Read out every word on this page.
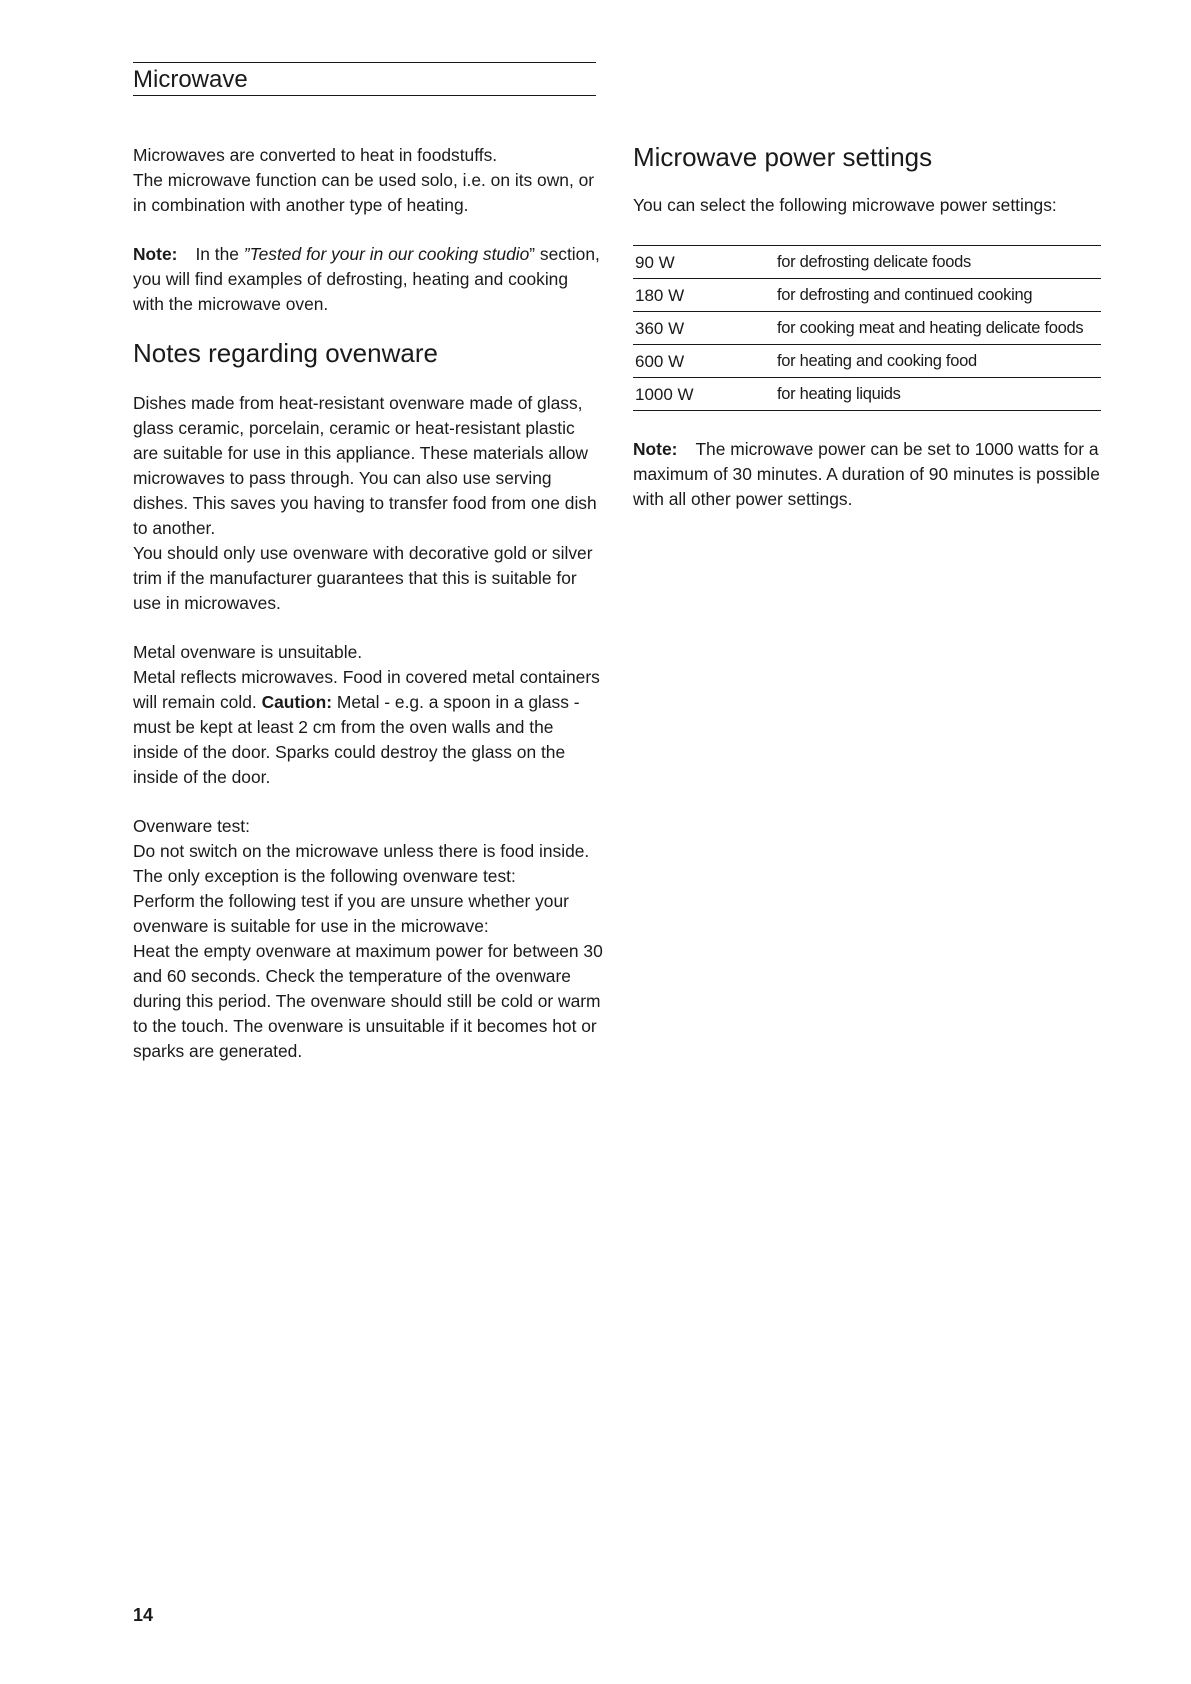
Microwave

Microwaves are converted to heat in foodstuffs.

The microwave function can be used solo, i.e. on its own, or in combination with another type of heating.

Note: In the ”Tested for your in our cooking studio” section, you will find examples of defrosting, heating and cooking with the microwave oven.

Notes regarding ovenware

Dishes made from heat-resistant ovenware made of glass, glass ceramic, porcelain, ceramic or heat-resistant plastic are suitable for use in this appliance. These materials allow microwaves to pass through. You can also use serving dishes. This saves you having to transfer food from one dish to another.

You should only use ovenware with decorative gold or silver trim if the manufacturer guarantees that this is suitable for use in microwaves.

Metal ovenware is unsuitable.

Metal reflects microwaves. Food in covered metal containers will remain cold. Caution: Metal - e.g. a spoon in a glass - must be kept at least 2 cm from the oven walls and the inside of the door. Sparks could destroy the glass on the inside of the door.

Ovenware test:

Do not switch on the microwave unless there is food inside.

The only exception is the following ovenware test:

Perform the following test if you are unsure whether your ovenware is suitable for use in the microwave:

Heat the empty ovenware at maximum power for between 30 and 60 seconds. Check the temperature of the ovenware during this period. The ovenware should still be cold or warm to the touch. The ovenware is unsuitable if it becomes hot or sparks are generated.

Microwave power settings

You can select the following microwave power settings:

90 W	for defrosting delicate foods
180 W	for defrosting and continued cooking
360 W	for cooking meat and heating delicate foods
600 W	for heating and cooking food
1000 W	for heating liquids

Note: The microwave power can be set to 1000 watts for a maximum of 30 minutes. A duration of 90 minutes is possible with all other power settings.

14
